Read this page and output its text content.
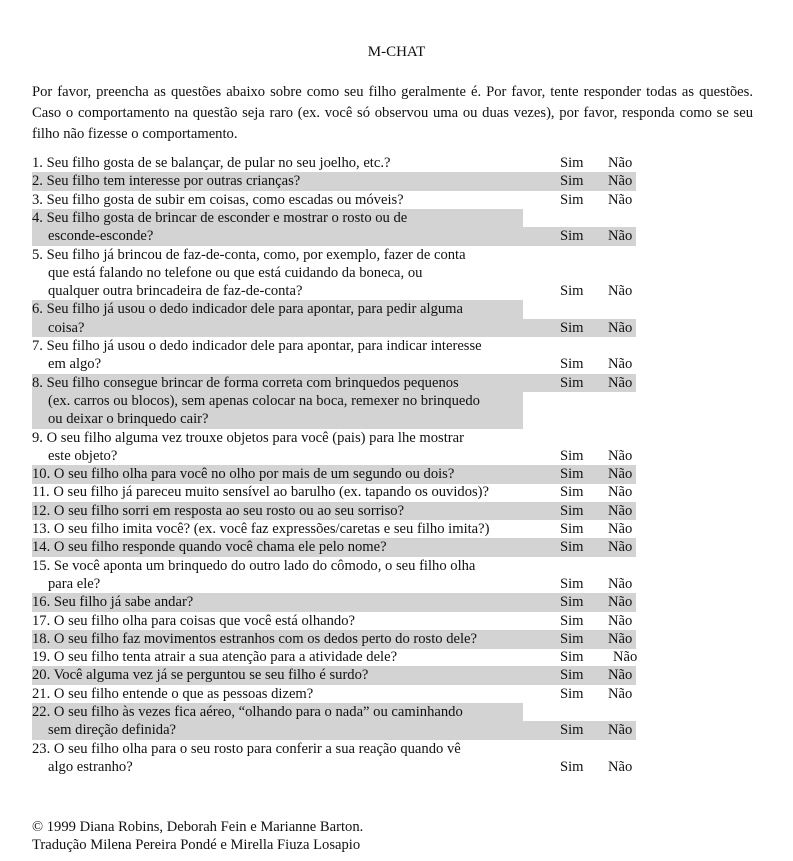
M-CHAT
Por favor, preencha as questões abaixo sobre como seu filho geralmente é. Por favor, tente responder todas as questões. Caso o comportamento na questão seja raro (ex. você só observou uma ou duas vezes), por favor, responda como se seu filho não fizesse o comportamento.
1. Seu filho gosta de se balançar, de pular no seu joelho, etc.?	Sim Não
2. Seu filho tem interesse por outras crianças?	Sim Não
3. Seu filho gosta de subir em coisas, como escadas ou móveis?	Sim Não
4. Seu filho gosta de brincar de esconder e mostrar o rosto ou de
esconde-esconde?	Sim Não
5. Seu filho já brincou de faz-de-conta, como, por exemplo, fazer de conta
que está falando no telefone ou que está cuidando da boneca, ou
qualquer outra brincadeira de faz-de-conta?	Sim Não
6. Seu filho já usou o dedo indicador dele para apontar, para pedir alguma
coisa?	Sim Não
7. Seu filho já usou o dedo indicador dele para apontar, para indicar interesse
em algo?	Sim Não
8. Seu filho consegue brincar de forma correta com brinquedos pequenos
(ex. carros ou blocos), sem apenas colocar na boca, remexer no brinquedo
ou deixar o brinquedo cair?
Sim Não
9. O seu filho alguma vez trouxe objetos para você (pais) para lhe mostrar
este objeto?	Sim Não
10. O seu filho olha para você no olho por mais de um segundo ou dois?	Sim Não
11. O seu filho já pareceu muito sensível ao barulho (ex. tapando os ouvidos)?	Sim Não
12. O seu filho sorri em resposta ao seu rosto ou ao seu sorriso?	Sim Não
13. O seu filho imita você? (ex. você faz expressões/caretas e seu filho imita?)	Sim Não
14. O seu filho responde quando você chama ele pelo nome?	Sim Não
15. Se você aponta um brinquedo do outro lado do cômodo, o seu filho olha
para ele?	Sim Não
16. Seu filho já sabe andar?	Sim Não
17. O seu filho olha para coisas que você está olhando?	Sim Não
18. O seu filho faz movimentos estranhos com os dedos perto do rosto dele?	Sim Não
19. O seu filho tenta atrair a sua atenção para a atividade dele?	Sim Não
20. Você alguma vez já se perguntou se seu filho é surdo?	Sim Não
21. O seu filho entende o que as pessoas dizem?	Sim Não
22. O seu filho às vezes fica aéreo, “olhando para o nada” ou caminhando
sem direção definida?	Sim Não
23. O seu filho olha para o seu rosto para conferir a sua reação quando vê
algo estranho?	Sim Não
© 1999 Diana Robins, Deborah Fein e Marianne Barton.
Tradução Milena Pereira Pondé e Mirella Fiuza Losapio
